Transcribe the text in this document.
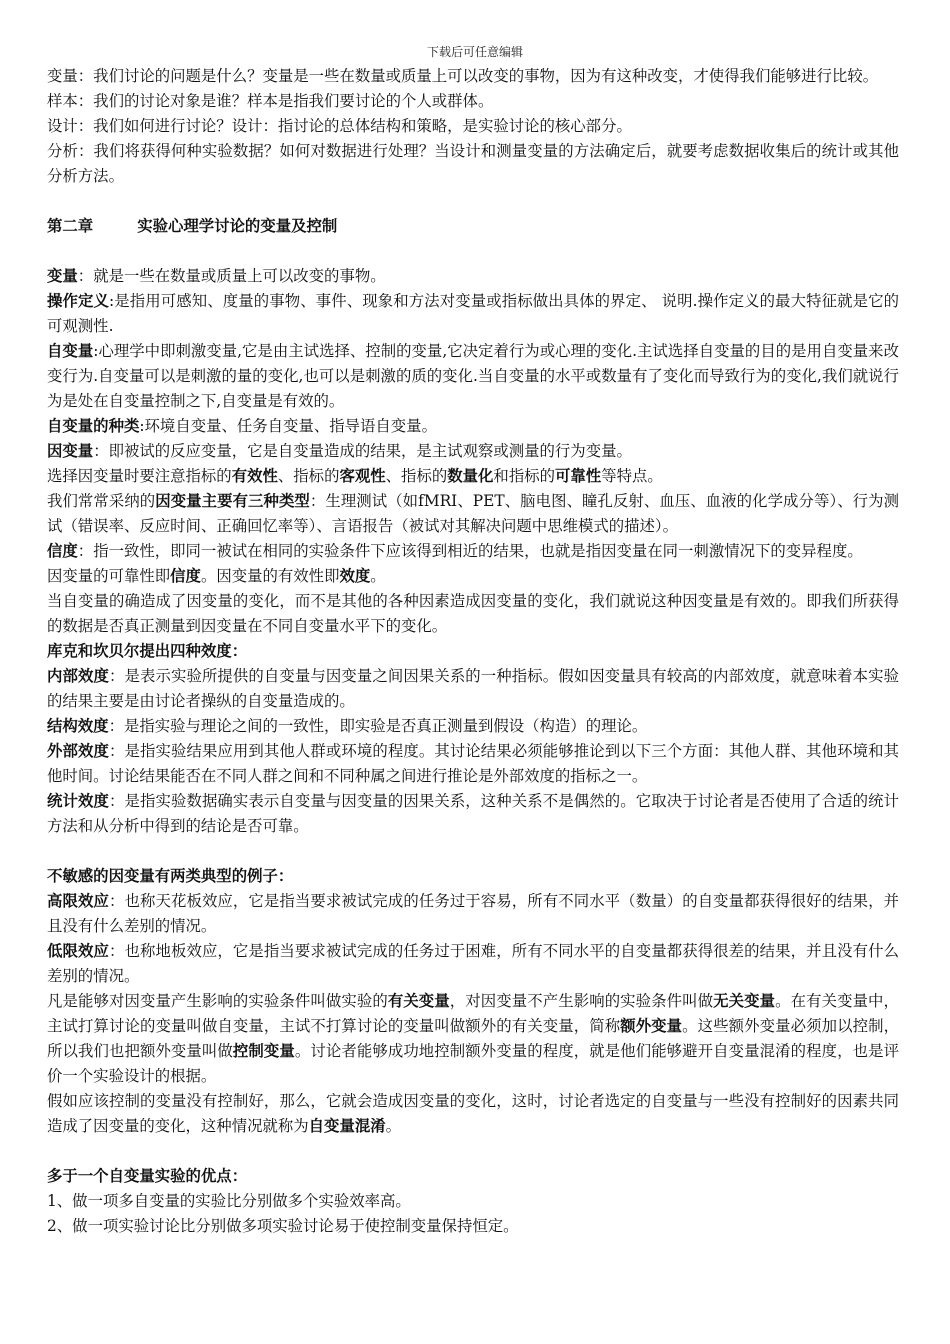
下载后可任意编辑

变量：我们讨论的问题是什么？变量是一些在数量或质量上可以改变的事物，因为有这种改变，才使得我们能够进行比较。

样本：我们的讨论对象是谁？样本是指我们要讨论的个人或群体。

设计：我们如何进行讨论？设计：指讨论的总体结构和策略，是实验讨论的核心部分。

分析：我们将获得何种实验数据？如何对数据进行处理？当设计和测量变量的方法确定后，就要考虑数据收集后的统计或其他分析方法。

第二章	实验心理学讨论的变量及控制

变量：就是一些在数量或质量上可以改变的事物。

操作定义:是指用可感知、度量的事物、事件、现象和方法对变量或指标做出具体的界定、 说明.操作定义的最大特征就是它的可观测性.

自变量:心理学中即刺激变量,它是由主试选择、控制的变量,它决定着行为或心理的变化.主试选择自变量的目的是用自变量来改变行为.自变量可以是刺激的量的变化,也可以是刺激的质的变化.当自变量的水平或数量有了变化而导致行为的变化,我们就说行为是处在自变量控制之下,自变量是有效的。

自变量的种类:环境自变量、任务自变量、指导语自变量。

因变量：即被试的反应变量，它是自变量造成的结果，是主试观察或测量的行为变量。

选择因变量时要注意指标的有效性、指标的客观性、指标的数量化和指标的可靠性等特点。

我们常常采纳的因变量主要有三种类型：生理测试（如fMRI、PET、脑电图、瞳孔反射、血压、血液的化学成分等）、行为测试（错误率、反应时间、正确回忆率等）、言语报告（被试对其解决问题中思维模式的描述）。

信度：指一致性，即同一被试在相同的实验条件下应该得到相近的结果，也就是指因变量在同一刺激情况下的变异程度。

因变量的可靠性即信度。因变量的有效性即效度。

当自变量的确造成了因变量的变化，而不是其他的各种因素造成因变量的变化，我们就说这种因变量是有效的。即我们所获得的数据是否真正测量到因变量在不同自变量水平下的变化。

库克和坎贝尔提出四种效度：

内部效度：是表示实验所提供的自变量与因变量之间因果关系的一种指标。假如因变量具有较高的内部效度，就意味着本实验的结果主要是由讨论者操纵的自变量造成的。

结构效度：是指实验与理论之间的一致性，即实验是否真正测量到假设（构造）的理论。

外部效度：是指实验结果应用到其他人群或环境的程度。其讨论结果必须能够推论到以下三个方面：其他人群、其他环境和其他时间。讨论结果能否在不同人群之间和不同种属之间进行推论是外部效度的指标之一。

统计效度：是指实验数据确实表示自变量与因变量的因果关系，这种关系不是偶然的。它取决于讨论者是否使用了合适的统计方法和从分析中得到的结论是否可靠。

不敏感的因变量有两类典型的例子：

高限效应：也称天花板效应，它是指当要求被试完成的任务过于容易，所有不同水平（数量）的自变量都获得很好的结果，并且没有什么差别的情况。

低限效应：也称地板效应，它是指当要求被试完成的任务过于困难，所有不同水平的自变量都获得很差的结果，并且没有什么差别的情况。

凡是能够对因变量产生影响的实验条件叫做实验的有关变量，对因变量不产生影响的实验条件叫做无关变量。在有关变量中，主试打算讨论的变量叫做自变量，主试不打算讨论的变量叫做额外的有关变量，简称额外变量。这些额外变量必须加以控制，所以我们也把额外变量叫做控制变量。讨论者能够成功地控制额外变量的程度，就是他们能够避开自变量混淆的程度，也是评价一个实验设计的根据。

假如应该控制的变量没有控制好，那么，它就会造成因变量的变化，这时，讨论者选定的自变量与一些没有控制好的因素共同造成了因变量的变化，这种情况就称为自变量混淆。

多于一个自变量实验的优点：

1、做一项多自变量的实验比分别做多个实验效率高。

2、做一项实验讨论比分别做多项实验讨论易于使控制变量保持恒定。
